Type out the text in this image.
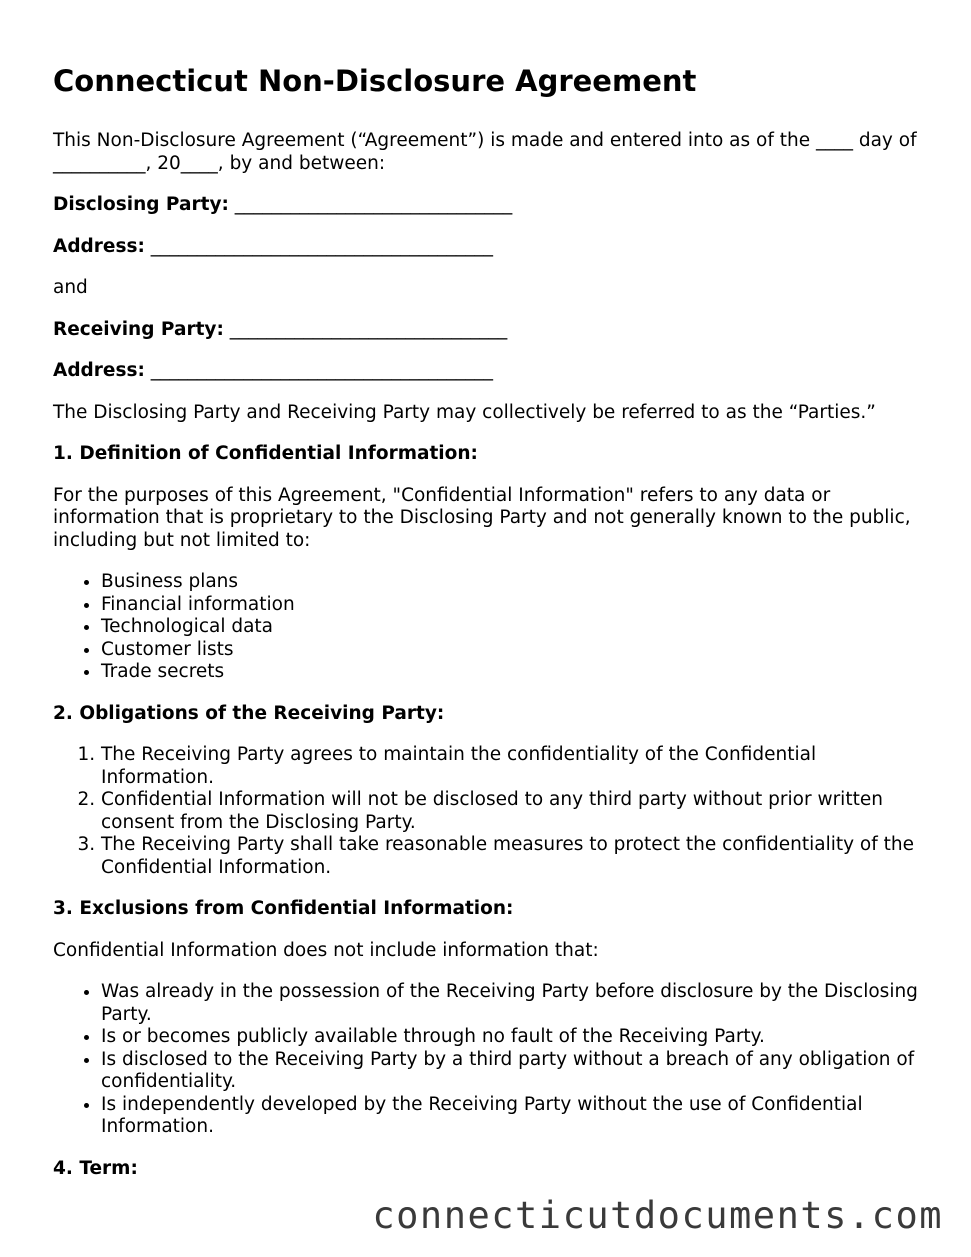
Connecticut Non-Disclosure Agreement

This Non-Disclosure Agreement (“Agreement”) is made and entered into as of the ____ day of __________, 20____, by and between:

Disclosing Party: ______________________________

Address: _____________________________________

and

Receiving Party: ______________________________

Address: _____________________________________

The Disclosing Party and Receiving Party may collectively be referred to as the “Parties.”

1. Definition of Confidential Information:

For the purposes of this Agreement, "Confidential Information" refers to any data or information that is proprietary to the Disclosing Party and not generally known to the public, including but not limited to:

• Business plans
• Financial information
• Technological data
• Customer lists
• Trade secrets

2. Obligations of the Receiving Party:

1. The Receiving Party agrees to maintain the confidentiality of the Confidential Information.
2. Confidential Information will not be disclosed to any third party without prior written consent from the Disclosing Party.
3. The Receiving Party shall take reasonable measures to protect the confidentiality of the Confidential Information.

3. Exclusions from Confidential Information:

Confidential Information does not include information that:

• Was already in the possession of the Receiving Party before disclosure by the Disclosing Party.
• Is or becomes publicly available through no fault of the Receiving Party.
• Is disclosed to the Receiving Party by a third party without a breach of any obligation of confidentiality.
• Is independently developed by the Receiving Party without the use of Confidential Information.

4. Term:

connecticutdocuments.com
